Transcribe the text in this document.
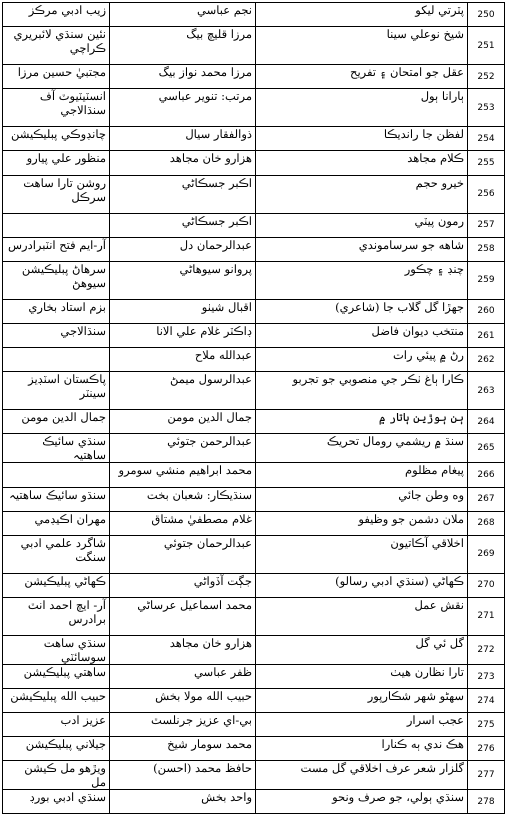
زيب ادبي مرڪز	نجم عباسي	پٽرتي ليکو	250
نئين سنڌي لائبريري ڪراچي	مرزا قليچ بيگ	شيخ نوعلي سينا	251
مجتبيٰ حسين مرزا	مرزا محمد نواز بيگ	عقل جو امتحان ۽ تفريح	252
انسٽيٽيوٽ آف سنڌالاجي	مرتب: تنوير عباسي	ٻارانا ٻول	253
چانڊوڪي پبليڪيشن	ذوالفقار سيال	لفظن جا رانديڪا	254
منظور علي پيارو	هزارو خان مجاهد	ڪلام مجاهد	255
روشن تارا ساهت سرڪل	اڪبر جسڪاڻي	خيرو حجم	256
	اڪبر جسڪاڻي	رمون پيٽي	257
آر-ايم فتح انٽبرادرس	عبدالرحمان دل	شاهه جو سرساموندي	258
سرهاڻ پبليڪيشن سيوهڻ	پروانو سيوهاڻي	چنڊ ۽ چڪور	259
بزم استاد بخاري	اقبال شيٺو	جهڙا گل گلاب جا (شاعري)	260
سنڌالاجي	ڊاڪٽر غلام علي الانا	منتخب ديوان فاضل	261
	عبدالله ملاح	رڻ ۾ پيئي رات	262
پاڪستان اسٽڊيز سينٽر	عبدالرسول ميمڻ	ڪارا ٻاغ ٺڪر جي منصوبي جو تجربو	263
جمال الدين مومن	جمال الدين مومن	ٻن ٻوڙين ٻاتار ۾	264
سنڌي سائيڪ ساهتيہ	عبدالرحمن جتوئي	سنڌ ۾ ريشمي رومال تحريڪ	265
	محمد ابراهيم منشي سومرو	پيغام مظلوم	266
سنڌو سائيڪ ساهتيہ	سنڌيڪار: شعبان بخت	وه وطن جائي	267
مهران اڪيڊمي	غلام مصطفيٰ مشتاق	ملان دشمن جو وظيفو	268
شاگرد علمي ادبي سنگت	عبدالرحمان جتوئي	اخلاقي آڪاتيون	269
ڪهاڻي پبليڪيشن	جڳت آڏواڻي	ڪهاڻي (سنڌي ادبي رسالو)	270
آر- ايچ احمد انٽ برادرس	محمد اسماعيل عرساڻي	نقش عمل	271
سنڌي ساهت سوسائٽي	هزارو خان مجاهد	گل ئي گل	272
ساهتي پبليڪيشن	ظفر عباسي	تارا نظارن هيٺ	273
حبيب الله پبليڪيشن	حبيب الله مولا بخش	سهڻو شهر شڪارپور	274
عزيز ادب	بي-اي عزيز جرنلسٽ	عجب اسرار	275
جيلاني پبليڪيشن	محمد سومار شيخ	هڪ ندي ٻه ڪنارا	276
ويڙهو مل ڪيشن مل	حافظ محمد (احسن)	گلزار شعر عرف اخلاقي گل مست	277
سنڌي ادبي بورڊ	واحد بخش	سنڌي ٻولي، جو صرف ونحو	278
